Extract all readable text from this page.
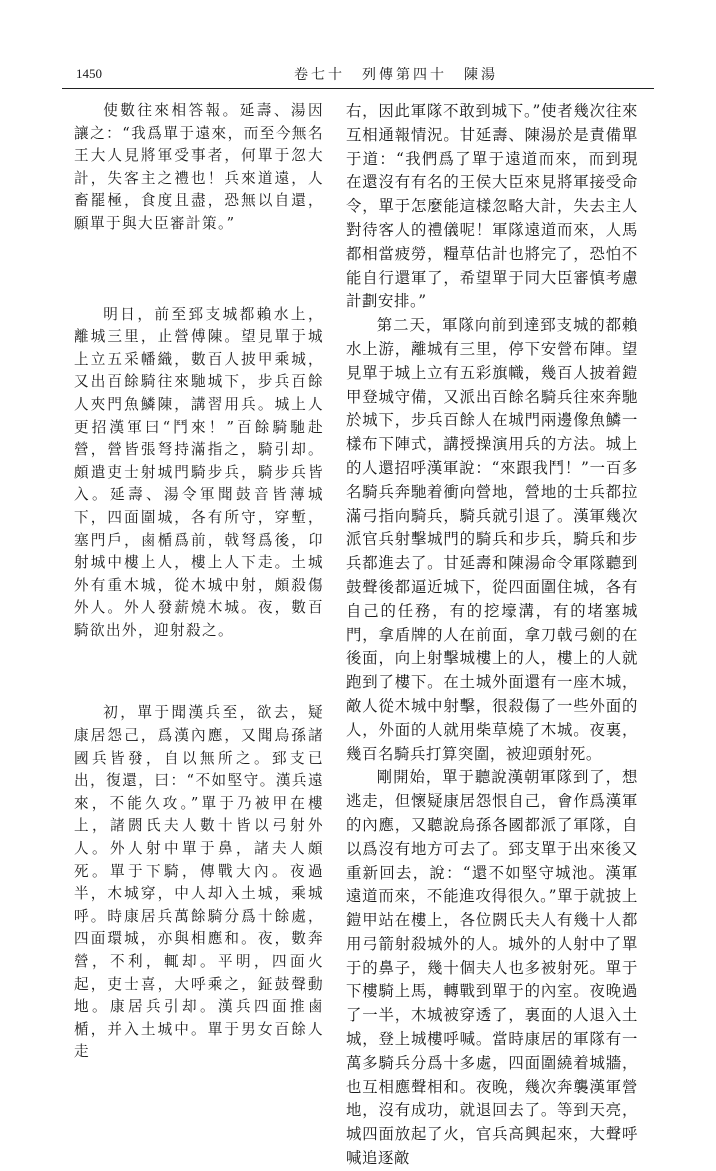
1450	卷七十　列傳第四十　陳湯

使數往來相答報。延壽、湯因讓之：“我爲單于遠來，而至今無名王大人見將軍受事者，何單于忽大計，失客主之禮也！兵來道遠，人畜罷極，食度且盡，恐無以自還，願單于與大臣審計策。”

明日，前至郅支城都賴水上，離城三里，止營傅陳。望見單于城上立五采幡織，數百人披甲乘城，又出百餘騎往來馳城下，步兵百餘人夾門魚鱗陳，講習用兵。城上人更招漢軍曰“鬥來！”百餘騎馳赴營，營皆張弩持滿指之，騎引却。頗遣吏士射城門騎步兵，騎步兵皆入。延壽、湯令軍聞鼓音皆薄城下，四面圍城，各有所守，穿塹，塞門戶，鹵楯爲前，戟弩爲後，卬射城中樓上人，樓上人下走。土城外有重木城，從木城中射，頗殺傷外人。外人發薪燒木城。夜，數百騎欲出外，迎射殺之。

初，單于聞漢兵至，欲去，疑康居怨己，爲漢內應，又聞烏孫諸國兵皆發，自以無所之。郅支已出，復還，曰：“不如堅守。漢兵遠來，不能久攻。”單于乃被甲在樓上，諸閼氏夫人數十皆以弓射外人。外人射中單于鼻，諸夫人頗死。單于下騎，傳戰大內。夜過半，木城穿，中人却入土城，乘城呼。時康居兵萬餘騎分爲十餘處，四面環城，亦與相應和。夜，數奔營，不利，輒却。平明，四面火起，吏士喜，大呼乘之，鉦鼓聲動地。康居兵引却。漢兵四面推鹵楯，并入土城中。單于男女百餘人走

右，因此軍隊不敢到城下。”使者幾次往來互相通報情況。甘延壽、陳湯於是責備單于道：“我們爲了單于遠道而來，而到現在還沒有有名的王侯大臣來見將軍接受命令，單于怎麼能這樣忽略大計，失去主人對待客人的禮儀呢！軍隊遠道而來，人馬都相當疲勞，糧草估計也將完了，恐怕不能自行還軍了，希望單于同大臣審慎考慮計劃安排。”

第二天，軍隊向前到達郅支城的都賴水上游，離城有三里，停下安營布陣。望見單于城上立有五彩旗幟，幾百人披着鎧甲登城守備，又派出百餘名騎兵往來奔馳於城下，步兵百餘人在城門兩邊像魚鱗一樣布下陣式，講授操演用兵的方法。城上的人還招呼漢軍說：“來跟我鬥！”一百多名騎兵奔馳着衝向營地，營地的士兵都拉滿弓指向騎兵，騎兵就引退了。漢軍幾次派官兵射擊城門的騎兵和步兵，騎兵和步兵都進去了。甘延壽和陳湯命令軍隊聽到鼓聲後都逼近城下，從四面圍住城，各有自己的任務，有的挖壕溝，有的堵塞城門，拿盾牌的人在前面，拿刀戟弓劍的在後面，向上射擊城樓上的人，樓上的人就跑到了樓下。在土城外面還有一座木城，敵人從木城中射擊，很殺傷了一些外面的人，外面的人就用柴草燒了木城。夜裏，幾百名騎兵打算突圍，被迎頭射死。

剛開始，單于聽說漢朝軍隊到了，想逃走，但懷疑康居怨恨自己，會作爲漢軍的內應，又聽說烏孫各國都派了軍隊，自以爲沒有地方可去了。郅支單于出來後又重新回去，說：“還不如堅守城池。漢軍遠道而來，不能進攻得很久。”單于就披上鎧甲站在樓上，各位閼氏夫人有幾十人都用弓箭射殺城外的人。城外的人射中了單于的鼻子，幾十個夫人也多被射死。單于下樓騎上馬，轉戰到單于的內室。夜晚過了一半，木城被穿透了，裏面的人退入土城，登上城樓呼喊。當時康居的軍隊有一萬多騎兵分爲十多處，四面圍繞着城牆，也互相應聲相和。夜晚，幾次奔襲漢軍營地，沒有成功，就退回去了。等到天亮，城四面放起了火，官兵高興起來，大聲呼喊追逐敵
